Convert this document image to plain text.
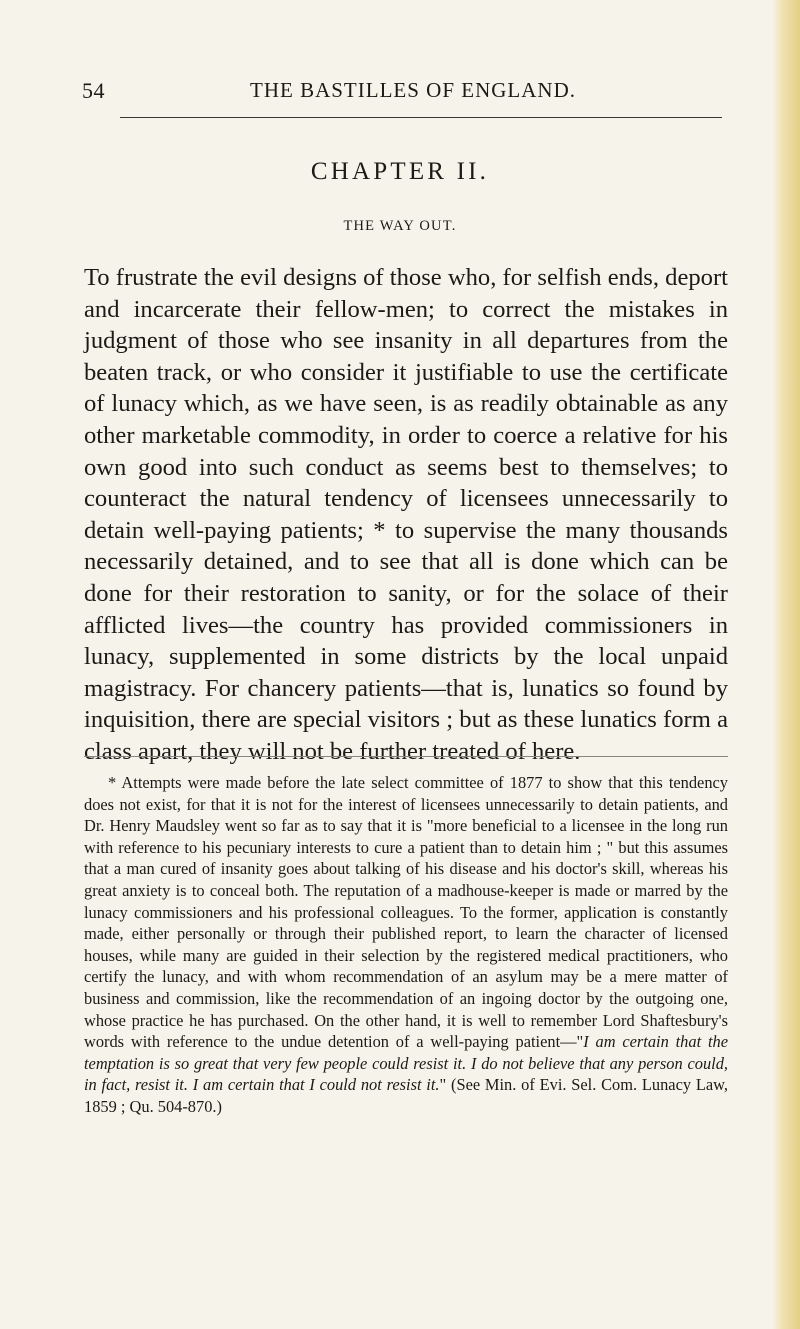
54	THE BASTILLES OF ENGLAND.
CHAPTER II.
THE WAY OUT.

To frustrate the evil designs of those who, for selfish ends, deport and incarcerate their fellow-men; to correct the mistakes in judgment of those who see insanity in all departures from the beaten track, or who consider it justifiable to use the certificate of lunacy which, as we have seen, is as readily obtainable as any other marketable commodity, in order to coerce a relative for his own good into such conduct as seems best to themselves; to counteract the natural tendency of licensees unnecessarily to detain well-paying patients; * to supervise the many thousands necessarily detained, and to see that all is done which can be done for their restoration to sanity, or for the solace of their afflicted lives—the country has provided commissioners in lunacy, supplemented in some districts by the local unpaid magistracy. For chancery patients—that is, lunatics so found by inquisition, there are special visitors ; but as these lunatics form a class apart, they will not be further treated of here.

* Attempts were made before the late select committee of 1877 to show that this tendency does not exist, for that it is not for the interest of licensees unnecessarily to detain patients, and Dr. Henry Maudsley went so far as to say that it is "more beneficial to a licensee in the long run with reference to his pecuniary interests to cure a patient than to detain him ; " but this assumes that a man cured of insanity goes about talking of his disease and his doctor's skill, whereas his great anxiety is to conceal both. The reputation of a madhouse-keeper is made or marred by the lunacy commissioners and his professional colleagues. To the former, application is constantly made, either personally or through their published report, to learn the character of licensed houses, while many are guided in their selection by the registered medical practitioners, who certify the lunacy, and with whom recommendation of an asylum may be a mere matter of business and commission, like the recommendation of an ingoing doctor by the outgoing one, whose practice he has purchased. On the other hand, it is well to remember Lord Shaftesbury's words with reference to the undue detention of a well-paying patient—"I am certain that the temptation is so great that very few people could resist it. I do not believe that any person could, in fact, resist it. I am certain that I could not resist it." (See Min. of Evi. Sel. Com. Lunacy Law, 1859 ; Qu. 504-870.)
